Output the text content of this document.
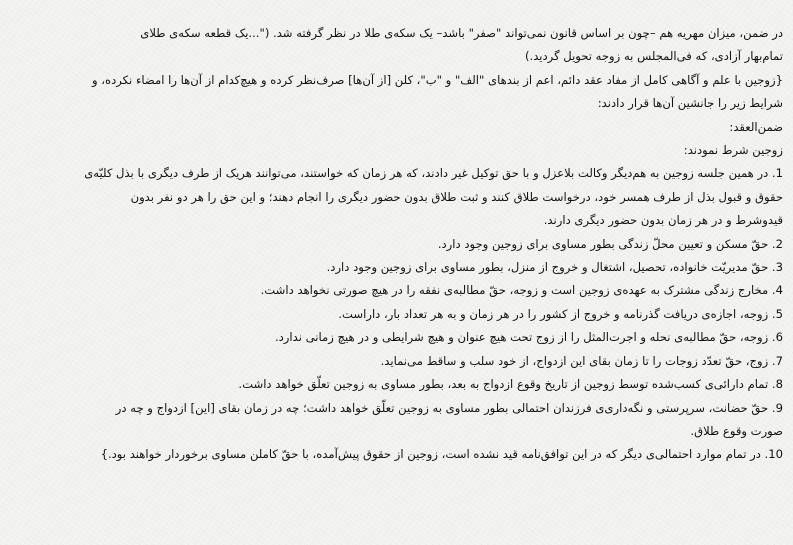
در ضمن، میزان مهریه هم –چون بر اساس قانون نمی‌تواند "صفر" باشد– یک سکه‌ی طلا در نظر گرفته شد. ("...یک قطعه سکه‌ی طلای
تمام‌بهار آزادی، که فی‌المجلس به زوجه تحویل گردید.)
{زوجین با علم و آگاهی کامل از مفاد عقد دائم، اعم از بندهای "الف" و "ب"، کلن [از آن‌ها] صرف‌نظر کرده و هیچ‌کدام از آن‌ها را امضاء نکرده، و
شرایط زیر را جانشین آن‌ها قرار دادند:
ضمن‌العقد:
زوجین شرط نمودند:
1. در همین جلسه زوجین به هم‌دیگر وکالت بلاعزل و با حق توکیل غیر دادند، که هر زمان که خواستند، می‌توانند هریک از طرف دیگری با بذل کلیّه‌ی
حقوق و قبول بذل از طرف همسر خود، درخواست طلاق کنند و ثبت طلاق بدون حضور دیگری را انجام دهند؛ و این حق را هر دو نفر بدون
قیدوشرط و در هر زمان بدون حضور دیگری دارند.
2. حقّ مسکن و تعیین محلّ زندگی بطور مساوی برای زوجین وجود دارد.
3. حقّ مدیریّت خانواده، تحصیل، اشتغال و خروج از منزل، بطور مساوی برای زوجین وجود دارد.
4. مخارج زندگی مشترک به عهده‌ی زوجین است و زوجه، حقّ مطالبه‌ی نفقه را در هیچ صورتی نخواهد داشت.
5. زوجه، اجازه‌ی دریافت گذرنامه و خروج از کشور را در هر زمان و به هر تعداد بار، داراست.
6. زوجه، حقّ مطالبه‌ی نحله و اجرت‌المثل را از زوج تحت هیچ عنوان و هیچ شرایطی و در هیچ زمانی ندارد.
7. زوج، حقّ تعدّد زوجات را تا زمان بقای این ازدواج، از خود سلب و ساقط می‌نماید.
8. تمام دارائی‌ی کسب‌شده توسط زوجین از تاریخ وقوع ازدواج به بعد، بطور مساوی به زوجین تعلّق خواهد داشت.
9. حقّ حضانت، سرپرستی و نگه‌داری‌ی فرزندان احتمالی بطور مساوی به زوجین تعلّق خواهد داشت؛ چه در زمان بقای [این] ازدواج و چه در
صورت وقوع طلاق.
10. در تمام موارد احتمالی‌ی دیگر که در این توافق‌نامه قید نشده است، زوجین از حقوق پیش‌آمده، با حقّ کاملن مساوی برخوردار خواهند بود.}
